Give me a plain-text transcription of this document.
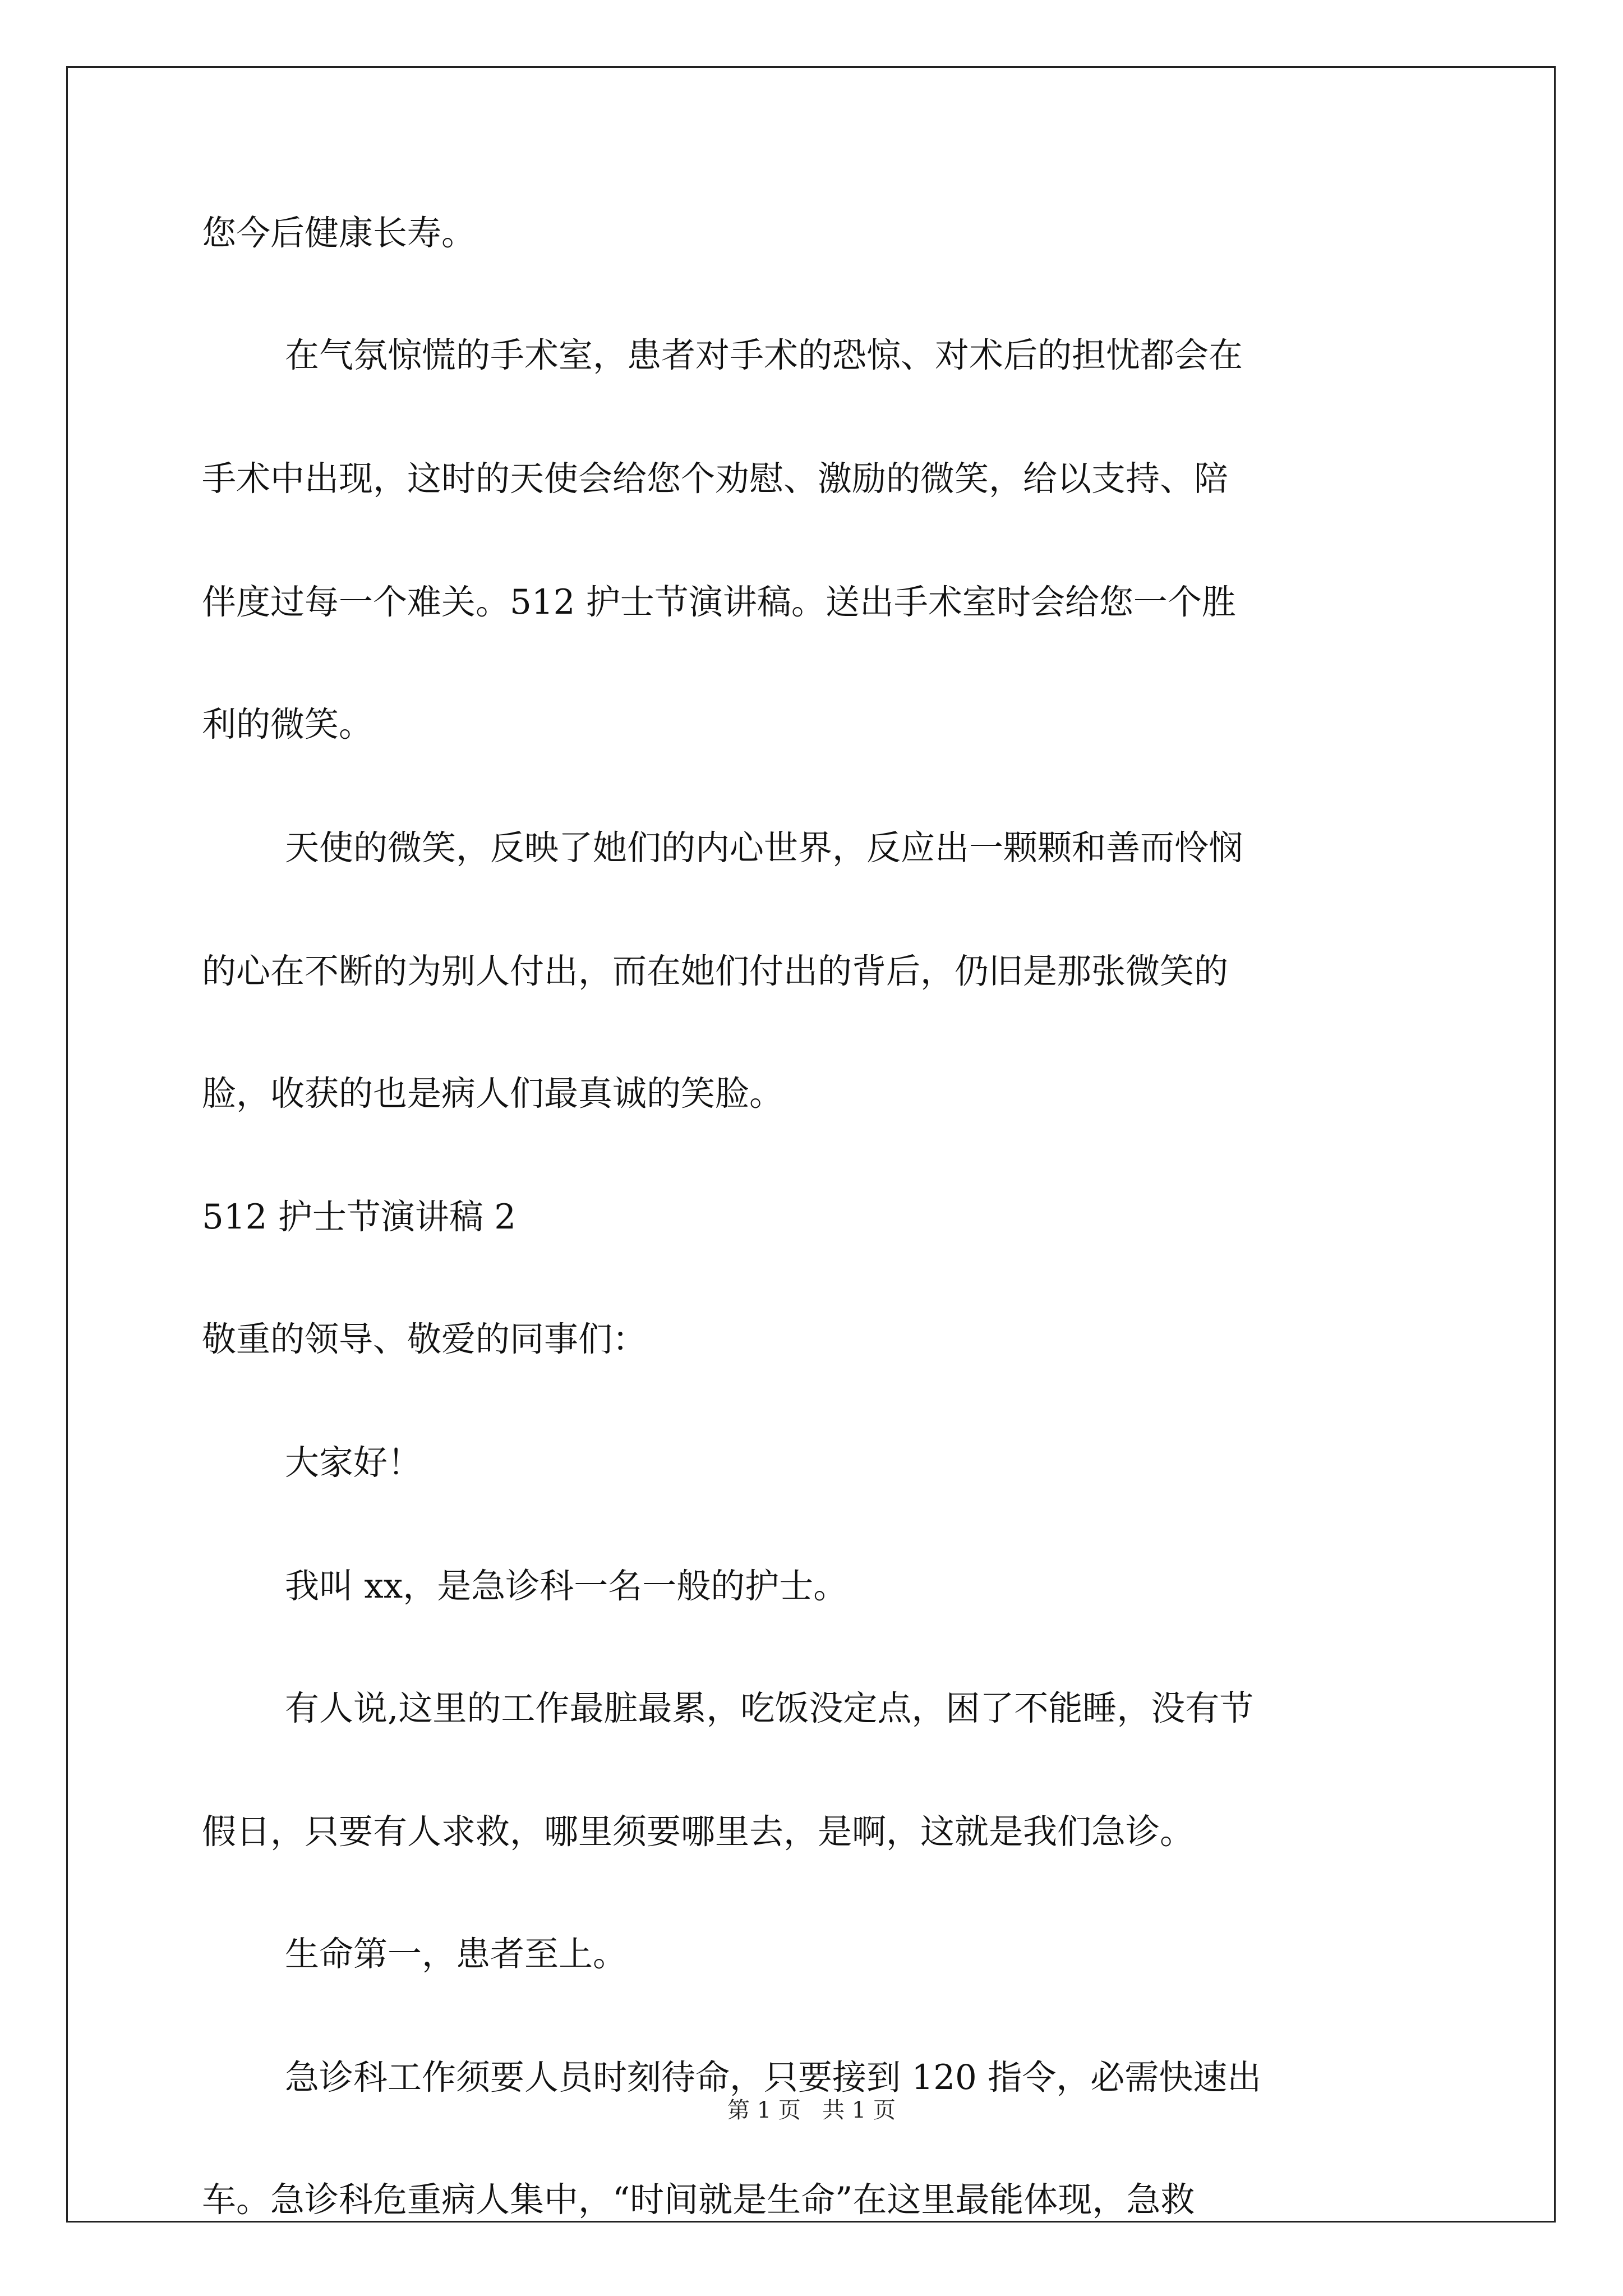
您今后健康长寿。
在气氛惊慌的手术室，患者对手术的恐惊、对术后的担忧都会在
手术中出现，这时的天使会给您个劝慰、激励的微笑，给以支持、陪
伴度过每一个难关。512 护士节演讲稿。送出手术室时会给您一个胜
利的微笑。
天使的微笑，反映了她们的内心世界，反应出一颗颗和善而怜悯
的心在不断的为别人付出，而在她们付出的背后，仍旧是那张微笑的
脸，收获的也是病人们最真诚的笑脸。
512 护士节演讲稿 2
敬重的领导、敬爱的同事们：
大家好！
我叫 xx，是急诊科一名一般的护士。
有人说,这里的工作最脏最累，吃饭没定点，困了不能睡，没有节
假日，只要有人求救，哪里须要哪里去，是啊，这就是我们急诊。
生命第一，患者至上。
急诊科工作须要人员时刻待命，只要接到 120 指令，必需快速出
车。急诊科危重病人集中，“时间就是生命”在这里最能体现，急救
第 1 页   共 1 页
